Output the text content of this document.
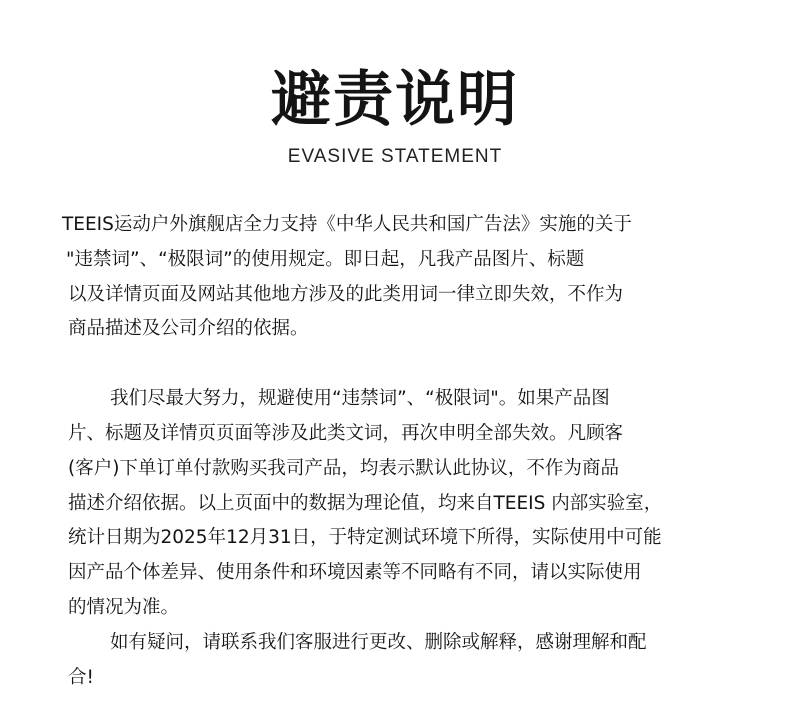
避责说明
EVASIVE STATEMENT
TEEIS运动户外旗舰店全力支持《中华人民共和国广告法》实施的关于
"违禁词”、“极限词”的使用规定。即日起，凡我产品图片、标题
以及详情页面及网站其他地方涉及的此类用词一律立即失效，不作为
商品描述及公司介绍的依据。
我们尽最大努力，规避使用“违禁词”、“极限词"。如果产品图
片、标题及详情页页面等涉及此类文词，再次申明全部失效。凡顾客
(客户)下单订单付款购买我司产品，均表示默认此协议，不作为商品
描述介绍依据。以上页面中的数据为理论值，均来自TEEIS 内部实验室，
统计日期为2025年12月31日，于特定测试环境下所得，实际使用中可能
因产品个体差异、使用条件和环境因素等不同略有不同，请以实际使用
的情况为准。
如有疑问，请联系我们客服进行更改、删除或解释，感谢理解和配
合!
